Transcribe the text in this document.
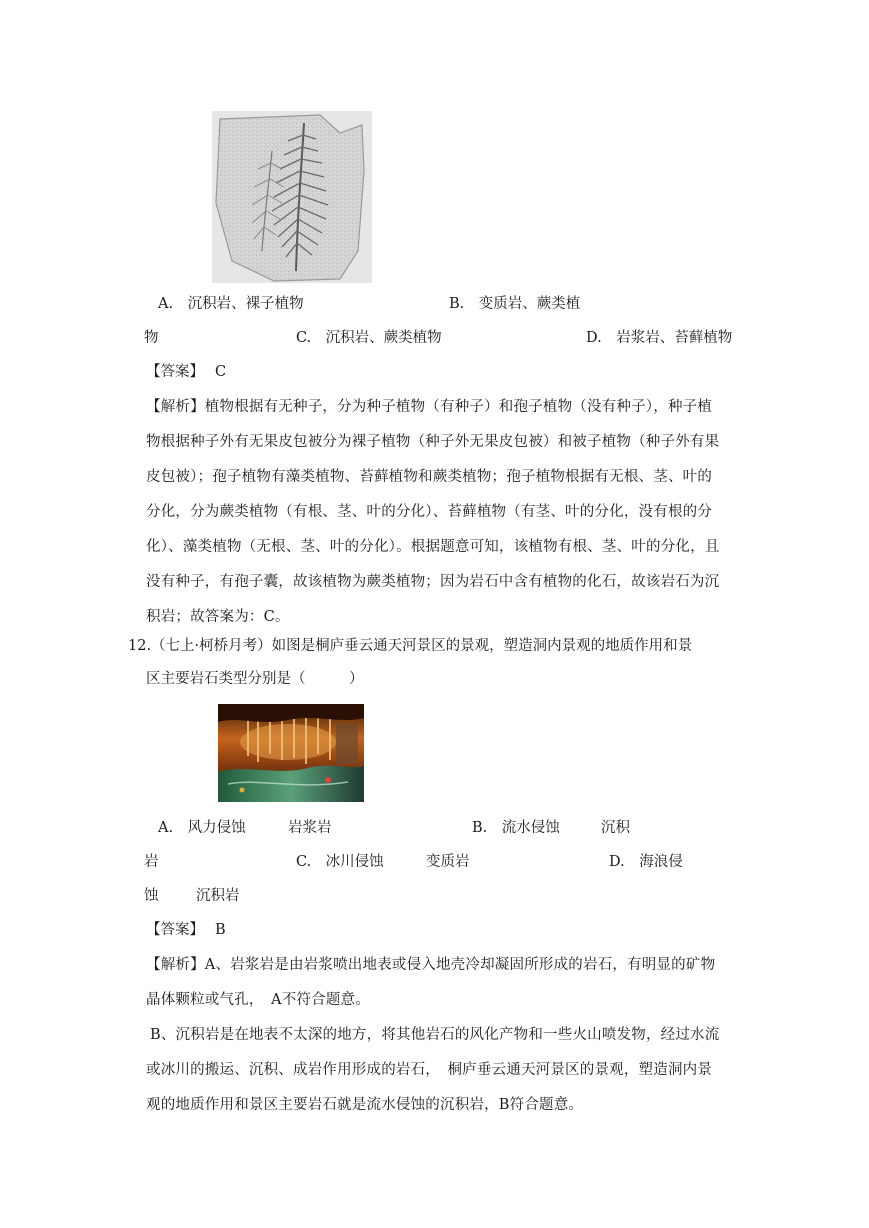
A.　沉积岩、裸子植物	B.　变质岩、蕨类植
物	C.　沉积岩、蕨类植物	D.　岩浆岩、苔藓植物
【答案】 C
【解析】植物根据有无种子，分为种子植物（有种子）和孢子植物（没有种子），种子植
物根据种子外有无果皮包被分为裸子植物（种子外无果皮包被）和被子植物（种子外有果
皮包被）；孢子植物有藻类植物、苔藓植物和蕨类植物；孢子植物根据有无根、茎、叶的
分化，分为蕨类植物（有根、茎、叶的分化）、苔藓植物（有茎、叶的分化，没有根的分
化）、藻类植物（无根、茎、叶的分化）。根据题意可知，该植物有根、茎、叶的分化，且
没有种子，有孢子囊，故该植物为蕨类植物；因为岩石中含有植物的化石，故该岩石为沉
积岩；故答案为：C。
12.（七上·柯桥月考）如图是桐庐垂云通天河景区的景观，塑造洞内景观的地质作用和景
区主要岩石类型分别是（　　　）
A.　风力侵蚀	岩浆岩	B.　流水侵蚀	沉积
岩	C.　冰川侵蚀	变质岩	D.　海浪侵
蚀	沉积岩
【答案】 B
【解析】A、岩浆岩是由岩浆喷出地表或侵入地壳冷却凝固所形成的岩石，有明显的矿物
晶体颗粒或气孔，　A不符合题意。
B、沉积岩是在地表不太深的地方，将其他岩石的风化产物和一些火山喷发物，经过水流
或冰川的搬运、沉积、成岩作用形成的岩石，　桐庐垂云通天河景区的景观，塑造洞内景
观的地质作用和景区主要岩石就是流水侵蚀的沉积岩，B符合题意。
